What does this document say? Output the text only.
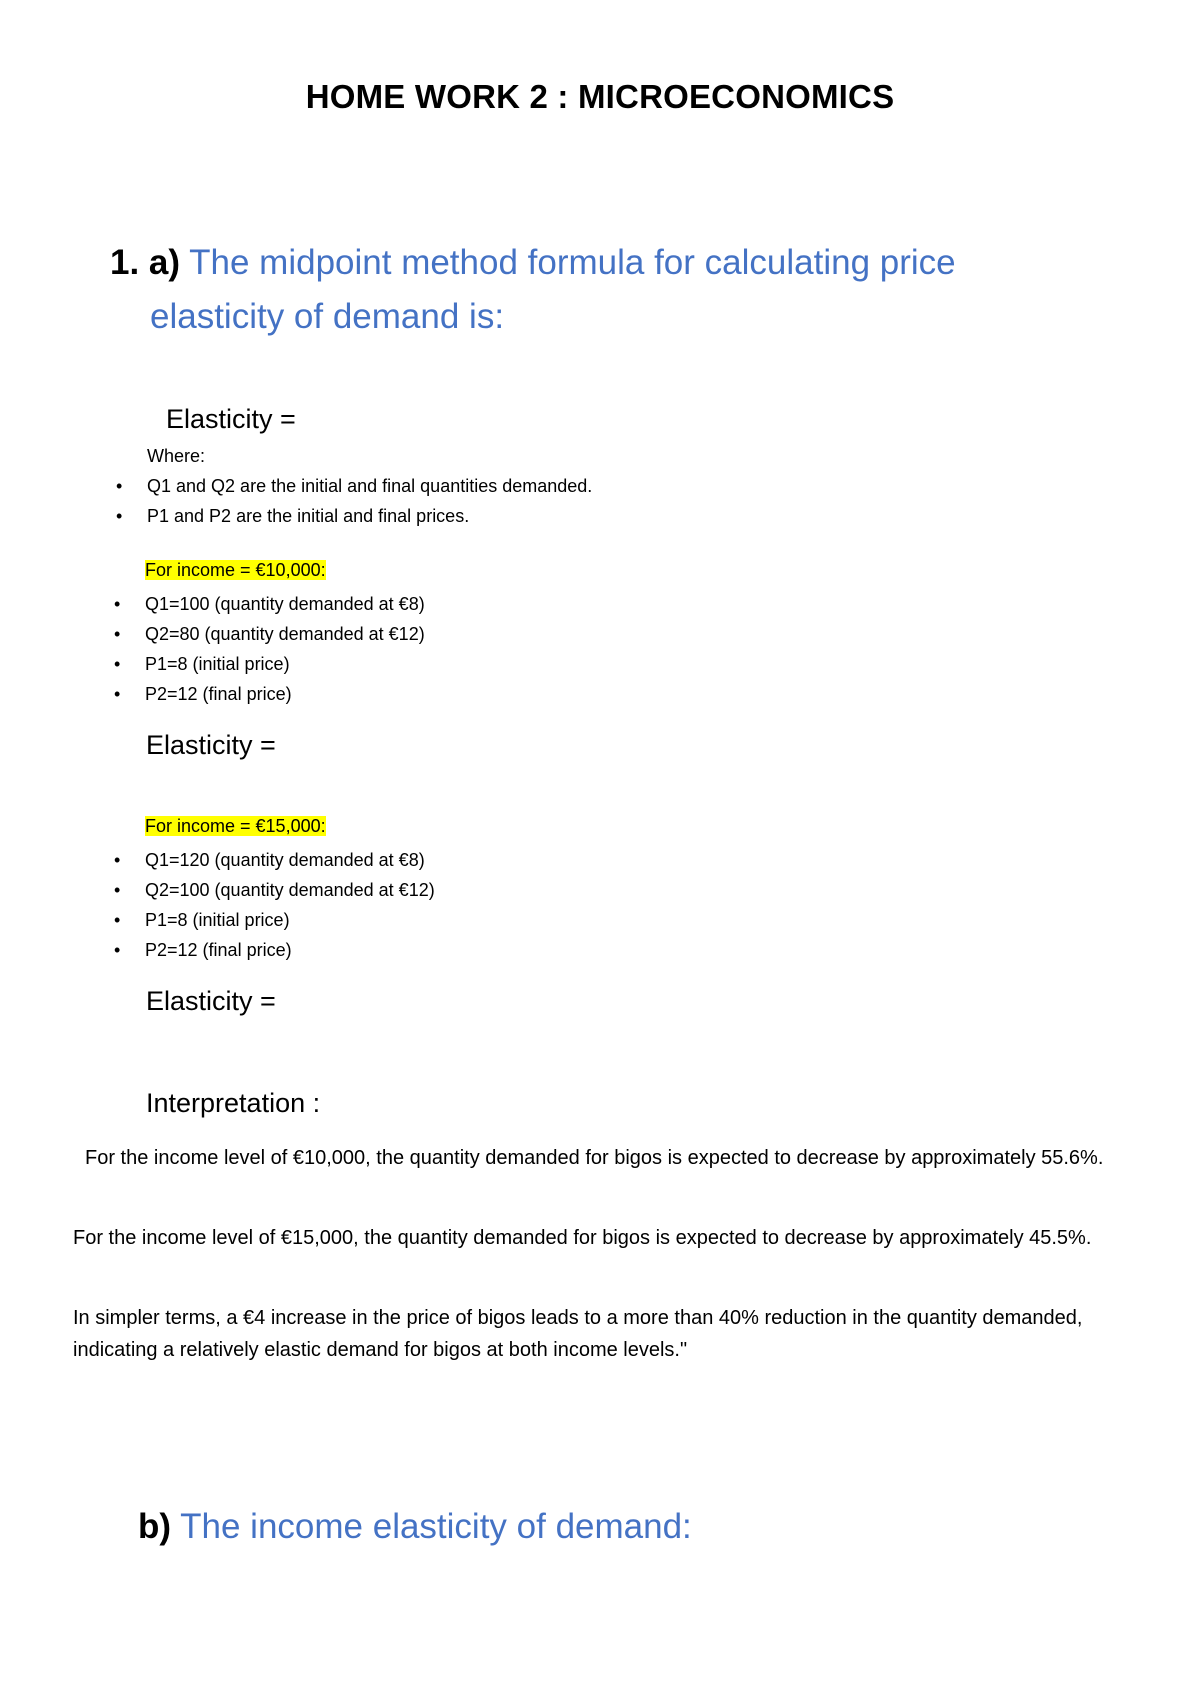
HOME WORK 2 : MICROECONOMICS
1. a) The midpoint method formula for calculating price
elasticity of demand is:
Elasticity =
Where:
• Q1 and Q2 are the initial and final quantities demanded.
• P1 and P2 are the initial and final prices.
For income = €10,000:
• Q1=100 (quantity demanded at €8)
• Q2=80 (quantity demanded at €12)
• P1=8 (initial price)
• P2=12 (final price)
Elasticity =
For income = €15,000:
• Q1=120 (quantity demanded at €8)
• Q2=100 (quantity demanded at €12)
• P1=8 (initial price)
• P2=12 (final price)
Elasticity =
Interpretation :
For the income level of €10,000, the quantity demanded for bigos is expected to decrease by approximately 55.6%.
For the income level of €15,000, the quantity demanded for bigos is expected to decrease by approximately 45.5%.
In simpler terms, a €4 increase in the price of bigos leads to a more than 40% reduction in the quantity demanded, indicating a relatively elastic demand for bigos at both income levels."
b) The income elasticity of demand:
